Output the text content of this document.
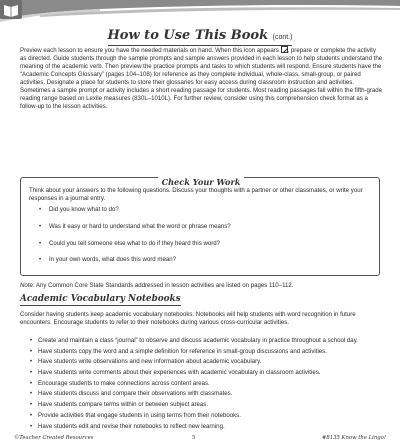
How to Use This Book (cont.)

Preview each lesson to ensure you have the needed materials on hand. When this icon appears , prepare or complete the activity as directed. Guide students through the sample prompts and sample answers provided in each lesson to help students understand the meaning of the academic verb. Then preview the practice prompts and tasks to which students will respond. Ensure students have the “Academic Concepts Glossary” (pages 104–108) for reference as they complete individual, whole-class, small-group, or paired activities. Designate a place for students to store their glossaries for easy access during classroom instruction and activities. Sometimes a sample prompt or activity includes a short reading passage for students. Most reading passages fall within the fifth-grade reading range based on Lexile measures (830L–1010L). For further review, consider using this comprehension check format as a follow-up to the lesson activities.

Check Your Work

Think about your answers to the following questions. Discuss your thoughts with a partner or other classmates, or write your responses in a journal entry.

• Did you know what to do?
• Was it easy or hard to understand what the word or phrase means?
• Could you tell someone else what to do if they heard this word?
• In your own words, what does this word mean?

Note: Any Common Core State Standards addressed in lesson activities are listed on pages 110–112.

Academic Vocabulary Notebooks

Consider having students keep academic vocabulary notebooks. Notebooks will help students with word recognition in future encounters. Encourage students to refer to their notebooks during various cross-curricular activities.

• Create and maintain a class “journal” to observe and discuss academic vocabulary in practice throughout a school day.
• Have students copy the word and a simple definition for reference in small-group discussions and activities.
• Have students write observations and new information about academic vocabulary.
• Have students write comments about their experiences with academic vocabulary in classroom activities.
• Encourage students to make connections across content areas.
• Have students discuss and compare their observations with classmates.
• Have students compare terms within or between subject areas.
• Provide activities that engage students in using terms from their notebooks.
• Have students edit and revise their notebooks to reflect new learning.
©Teacher Created Resources	5	#8135 Know the Lingo!
